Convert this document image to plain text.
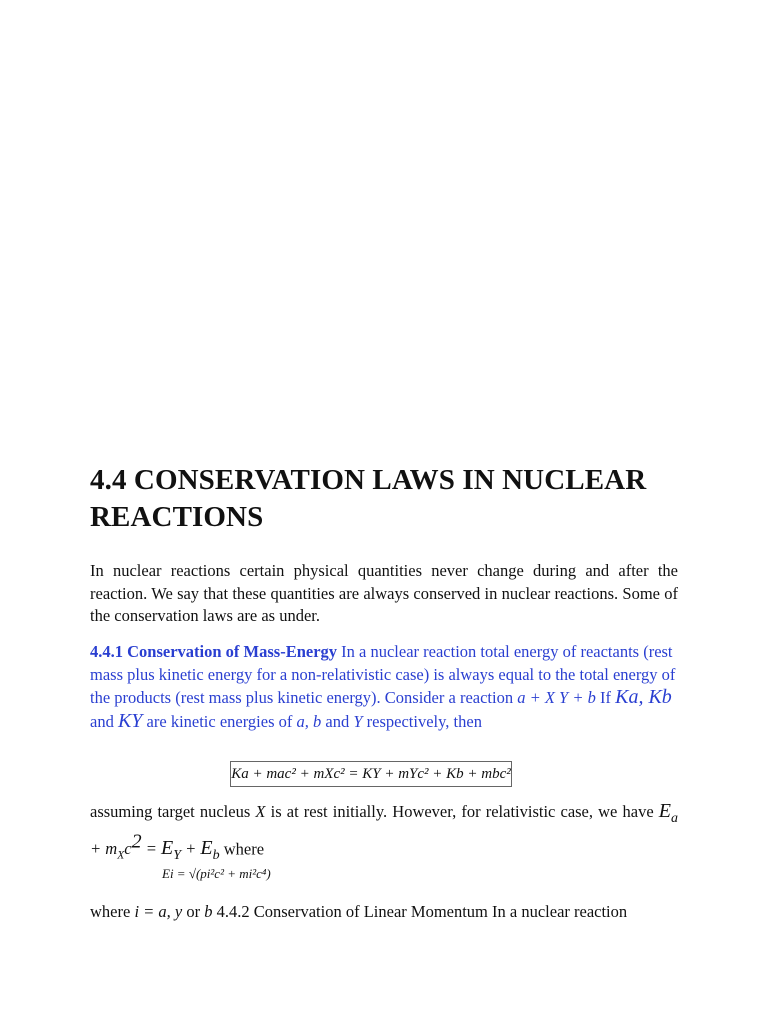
4.4 CONSERVATION LAWS IN NUCLEAR REACTIONS
In nuclear reactions certain physical quantities never change during and after the reaction. We say that these quantities are always conserved in nuclear reactions. Some of the conservation laws are as under.
4.4.1 Conservation of Mass-Energy In a nuclear reaction total energy of reactants (rest mass plus kinetic energy for a non-relativistic case) is always equal to the total energy of the products (rest mass plus kinetic energy). Consider a reaction a + X Y + b If Ka, Kb and KY are kinetic energies of a, b and Y respectively, then
Ka + mac² + mXc² = KY + mYc² + Kb + mbc²
assuming target nucleus X is at rest initially. However, for relativistic case, we have $E_a + m_Xc^2 = E_Y + E_b$ where
Ei = √(pi²c² + mi²c⁴)
where i = a, y or b 4.4.2 Conservation of Linear Momentum In a nuclear reaction
